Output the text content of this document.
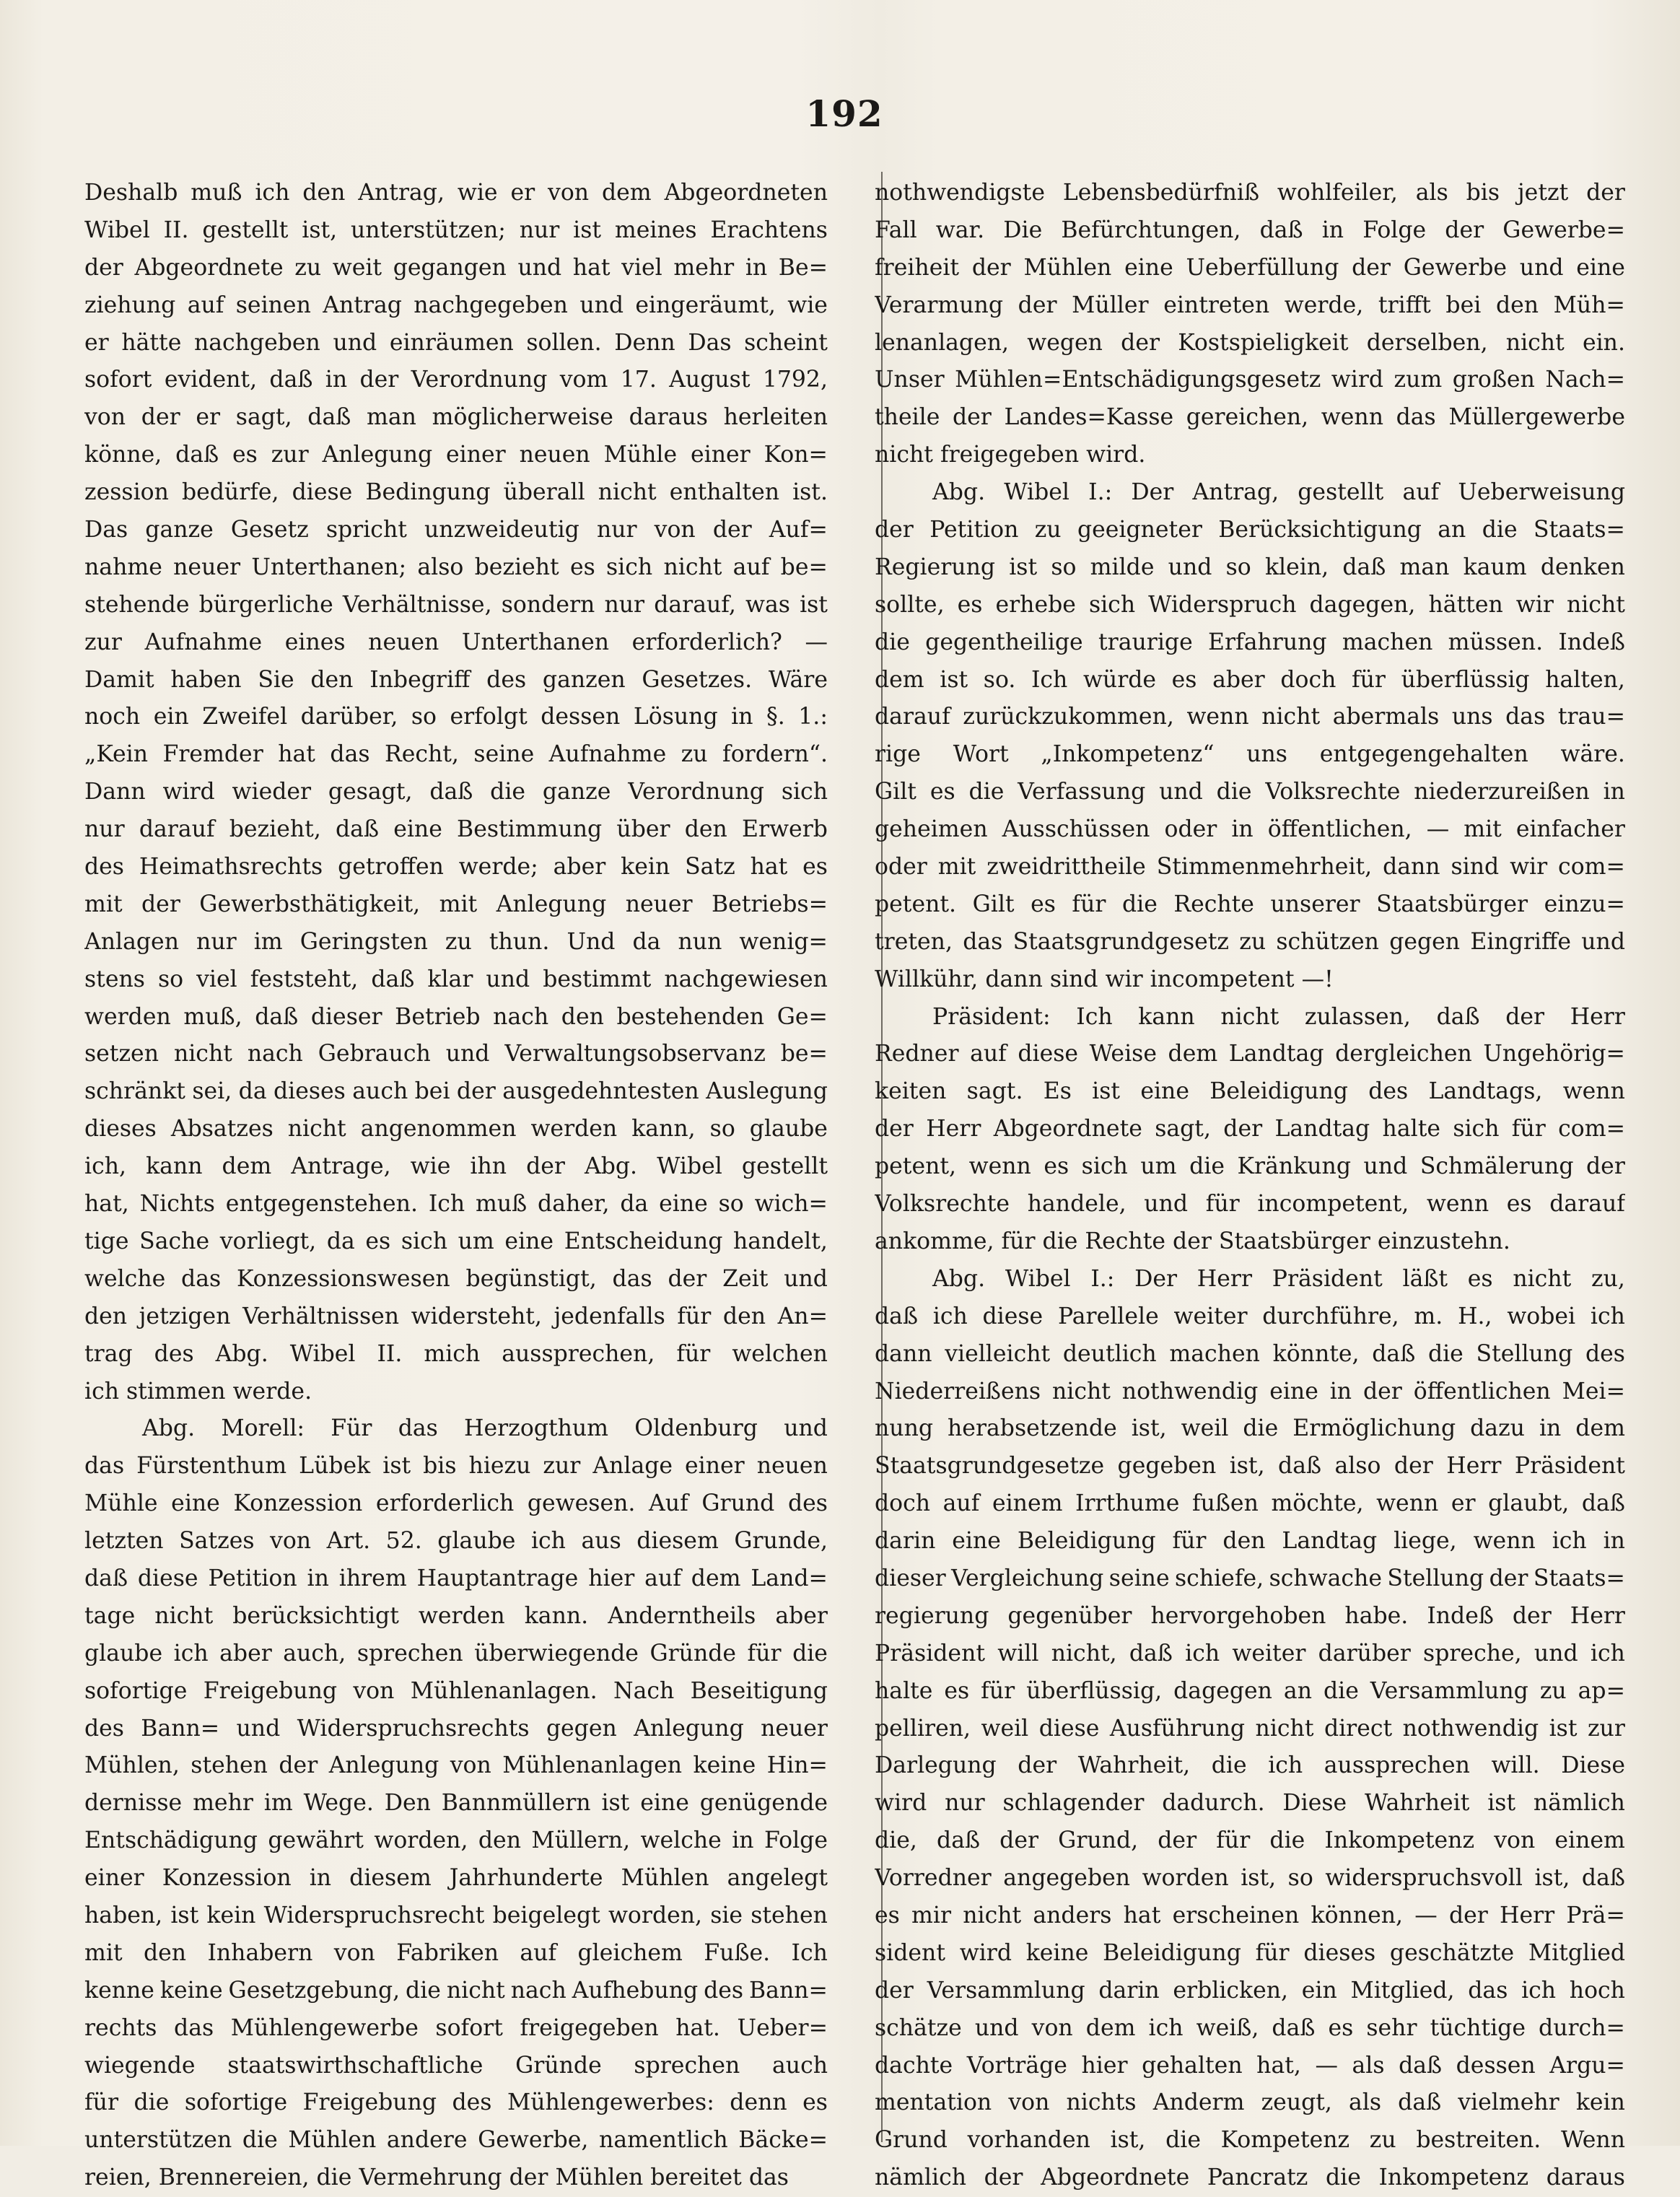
192
Deshalb muß ich den Antrag, wie er von dem Abgeordneten
Wibel II. gestellt ist, unterstützen; nur ist meines Erachtens
der Abgeordnete zu weit gegangen und hat viel mehr in Be=
ziehung auf seinen Antrag nachgegeben und eingeräumt, wie
er hätte nachgeben und einräumen sollen. Denn Das scheint
sofort evident, daß in der Verordnung vom 17. August 1792,
von der er sagt, daß man möglicherweise daraus herleiten
könne, daß es zur Anlegung einer neuen Mühle einer Kon=
zession bedürfe, diese Bedingung überall nicht enthalten ist.
Das ganze Gesetz spricht unzweideutig nur von der Auf=
nahme neuer Unterthanen; also bezieht es sich nicht auf be=
stehende bürgerliche Verhältnisse, sondern nur darauf, was ist
zur Aufnahme eines neuen Unterthanen erforderlich? —
Damit haben Sie den Inbegriff des ganzen Gesetzes. Wäre
noch ein Zweifel darüber, so erfolgt dessen Lösung in §. 1.:
„Kein Fremder hat das Recht, seine Aufnahme zu fordern“.
Dann wird wieder gesagt, daß die ganze Verordnung sich
nur darauf bezieht, daß eine Bestimmung über den Erwerb
des Heimathsrechts getroffen werde; aber kein Satz hat es
mit der Gewerbsthätigkeit, mit Anlegung neuer Betriebs=
Anlagen nur im Geringsten zu thun. Und da nun wenig=
stens so viel feststeht, daß klar und bestimmt nachgewiesen
werden muß, daß dieser Betrieb nach den bestehenden Ge=
setzen nicht nach Gebrauch und Verwaltungsobservanz be=
schränkt sei, da dieses auch bei der ausgedehntesten Auslegung
dieses Absatzes nicht angenommen werden kann, so glaube
ich, kann dem Antrage, wie ihn der Abg. Wibel gestellt
hat, Nichts entgegenstehen. Ich muß daher, da eine so wich=
tige Sache vorliegt, da es sich um eine Entscheidung handelt,
welche das Konzessionswesen begünstigt, das der Zeit und
den jetzigen Verhältnissen widersteht, jedenfalls für den An=
trag des Abg. Wibel II. mich aussprechen, für welchen
ich stimmen werde.
Abg. Morell: Für das Herzogthum Oldenburg und
das Fürstenthum Lübek ist bis hiezu zur Anlage einer neuen
Mühle eine Konzession erforderlich gewesen. Auf Grund des
letzten Satzes von Art. 52. glaube ich aus diesem Grunde,
daß diese Petition in ihrem Hauptantrage hier auf dem Land=
tage nicht berücksichtigt werden kann. Anderntheils aber
glaube ich aber auch, sprechen überwiegende Gründe für die
sofortige Freigebung von Mühlenanlagen. Nach Beseitigung
des Bann= und Widerspruchsrechts gegen Anlegung neuer
Mühlen, stehen der Anlegung von Mühlenanlagen keine Hin=
dernisse mehr im Wege. Den Bannmüllern ist eine genügende
Entschädigung gewährt worden, den Müllern, welche in Folge
einer Konzession in diesem Jahrhunderte Mühlen angelegt
haben, ist kein Widerspruchsrecht beigelegt worden, sie stehen
mit den Inhabern von Fabriken auf gleichem Fuße. Ich
kenne keine Gesetzgebung, die nicht nach Aufhebung des Bann=
rechts das Mühlengewerbe sofort freigegeben hat. Ueber=
wiegende staatswirthschaftliche Gründe sprechen auch
für die sofortige Freigebung des Mühlengewerbes: denn es
unterstützen die Mühlen andere Gewerbe, namentlich Bäcke=
reien, Brennereien, die Vermehrung der Mühlen bereitet das
nothwendigste Lebensbedürfniß wohlfeiler, als bis jetzt der
Fall war. Die Befürchtungen, daß in Folge der Gewerbe=
freiheit der Mühlen eine Ueberfüllung der Gewerbe und eine
Verarmung der Müller eintreten werde, trifft bei den Müh=
lenanlagen, wegen der Kostspieligkeit derselben, nicht ein.
Unser Mühlen=Entschädigungsgesetz wird zum großen Nach=
theile der Landes=Kasse gereichen, wenn das Müllergewerbe
nicht freigegeben wird.
Abg. Wibel I.: Der Antrag, gestellt auf Ueberweisung
der Petition zu geeigneter Berücksichtigung an die Staats=
Regierung ist so milde und so klein, daß man kaum denken
sollte, es erhebe sich Widerspruch dagegen, hätten wir nicht
die gegentheilige traurige Erfahrung machen müssen. Indeß
dem ist so. Ich würde es aber doch für überflüssig halten,
darauf zurückzukommen, wenn nicht abermals uns das trau=
rige Wort „Inkompetenz“ uns entgegengehalten wäre.
Gilt es die Verfassung und die Volksrechte niederzureißen in
geheimen Ausschüssen oder in öffentlichen, — mit einfacher
oder mit zweidrittheile Stimmenmehrheit, dann sind wir com=
petent. Gilt es für die Rechte unserer Staatsbürger einzu=
treten, das Staatsgrundgesetz zu schützen gegen Eingriffe und
Willkühr, dann sind wir incompetent —!
Präsident: Ich kann nicht zulassen, daß der Herr
Redner auf diese Weise dem Landtag dergleichen Ungehörig=
keiten sagt. Es ist eine Beleidigung des Landtags, wenn
der Herr Abgeordnete sagt, der Landtag halte sich für com=
petent, wenn es sich um die Kränkung und Schmälerung der
Volksrechte handele, und für incompetent, wenn es darauf
ankomme, für die Rechte der Staatsbürger einzustehn.
Abg. Wibel I.: Der Herr Präsident läßt es nicht zu,
daß ich diese Parellele weiter durchführe, m. H., wobei ich
dann vielleicht deutlich machen könnte, daß die Stellung des
Niederreißens nicht nothwendig eine in der öffentlichen Mei=
nung herabsetzende ist, weil die Ermöglichung dazu in dem
Staatsgrundgesetze gegeben ist, daß also der Herr Präsident
doch auf einem Irrthume fußen möchte, wenn er glaubt, daß
darin eine Beleidigung für den Landtag liege, wenn ich in
dieser Vergleichung seine schiefe, schwache Stellung der Staats=
regierung gegenüber hervorgehoben habe. Indeß der Herr
Präsident will nicht, daß ich weiter darüber spreche, und ich
halte es für überflüssig, dagegen an die Versammlung zu ap=
pelliren, weil diese Ausführung nicht direct nothwendig ist zur
Darlegung der Wahrheit, die ich aussprechen will. Diese
wird nur schlagender dadurch. Diese Wahrheit ist nämlich
die, daß der Grund, der für die Inkompetenz von einem
Vorredner angegeben worden ist, so widerspruchsvoll ist, daß
es mir nicht anders hat erscheinen können, — der Herr Prä=
sident wird keine Beleidigung für dieses geschätzte Mitglied
der Versammlung darin erblicken, ein Mitglied, das ich hoch
schätze und von dem ich weiß, daß es sehr tüchtige durch=
dachte Vorträge hier gehalten hat, — als daß dessen Argu=
mentation von nichts Anderm zeugt, als daß vielmehr kein
Grund vorhanden ist, die Kompetenz zu bestreiten. Wenn
nämlich der Abgeordnete Pancratz die Inkompetenz daraus
